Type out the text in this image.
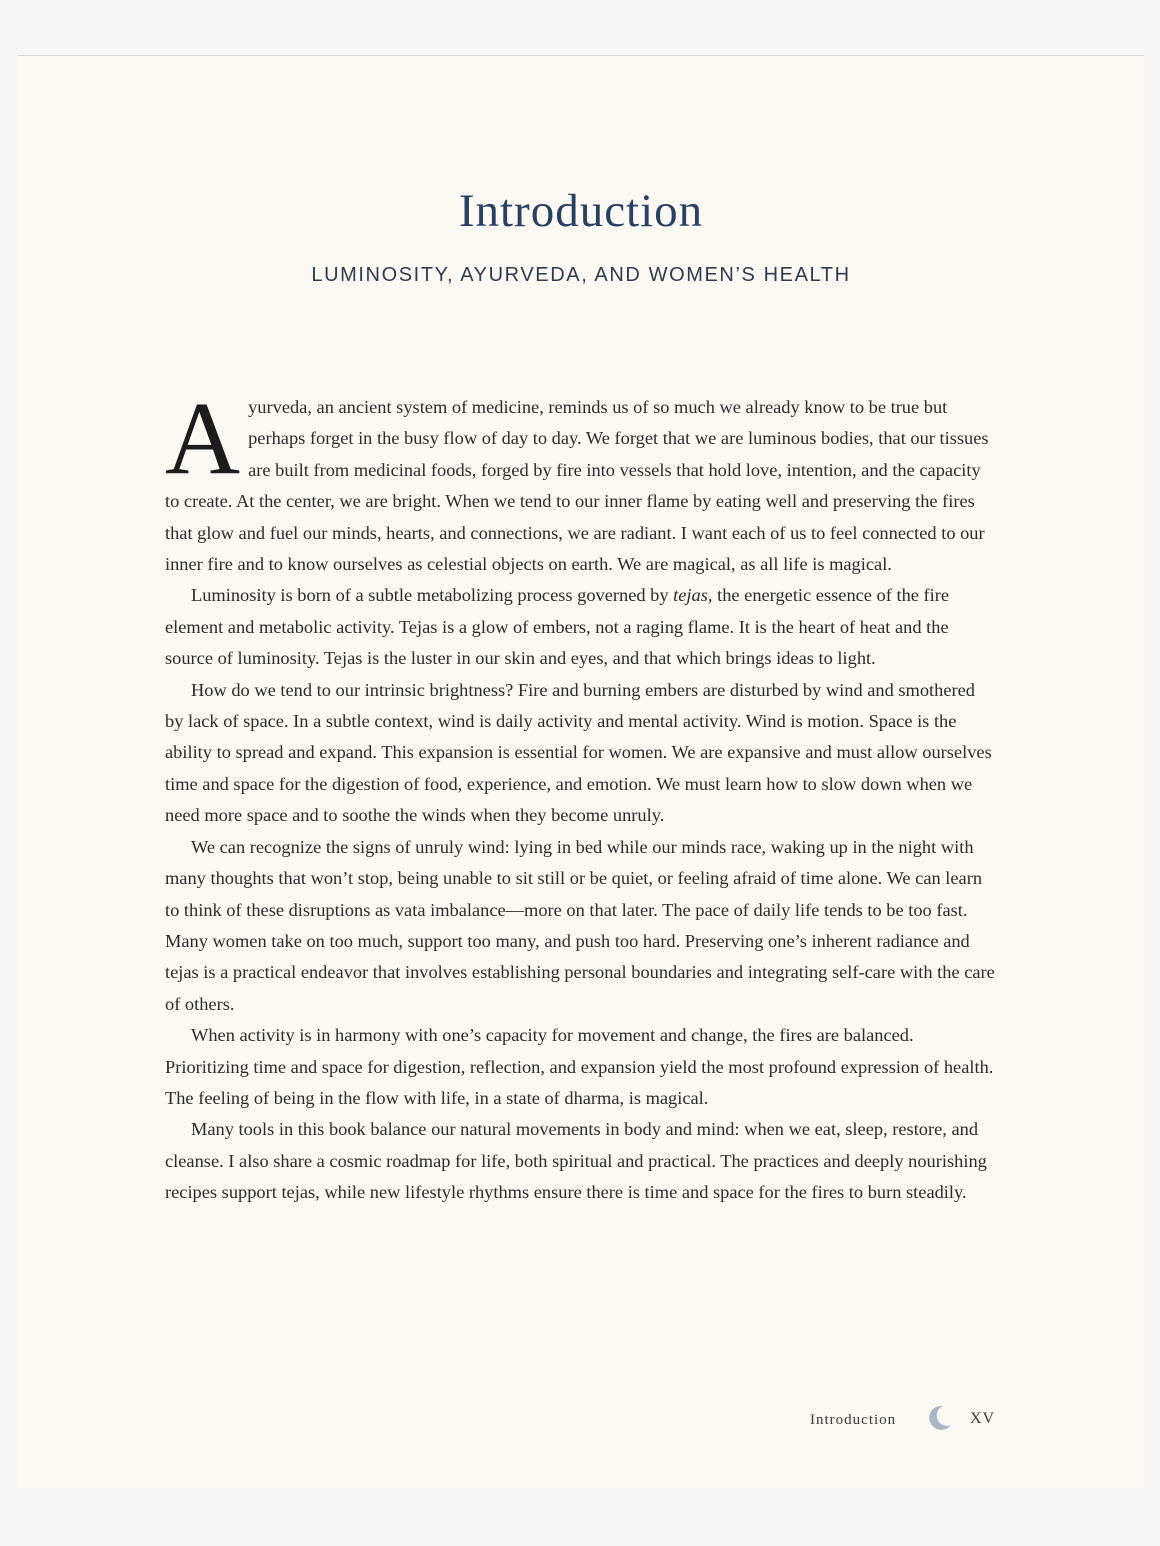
Introduction
LUMINOSITY, AYURVEDA, AND WOMEN’S HEALTH

Ayurveda, an ancient system of medicine, reminds us of so much we already know to be true but perhaps forget in the busy flow of day to day. We forget that we are luminous bodies, that our tissues are built from medicinal foods, forged by fire into vessels that hold love, intention, and the capacity to create. At the center, we are bright. When we tend to our inner flame by eating well and preserving the fires that glow and fuel our minds, hearts, and connections, we are radiant. I want each of us to feel connected to our inner fire and to know ourselves as celestial objects on earth. We are magical, as all life is magical.

Luminosity is born of a subtle metabolizing process governed by tejas, the energetic essence of the fire element and metabolic activity. Tejas is a glow of embers, not a raging flame. It is the heart of heat and the source of luminosity. Tejas is the luster in our skin and eyes, and that which brings ideas to light.

How do we tend to our intrinsic brightness? Fire and burning embers are disturbed by wind and smothered by lack of space. In a subtle context, wind is daily activity and mental activity. Wind is motion. Space is the ability to spread and expand. This expansion is essential for women. We are expansive and must allow ourselves time and space for the digestion of food, experience, and emotion. We must learn how to slow down when we need more space and to soothe the winds when they become unruly.

We can recognize the signs of unruly wind: lying in bed while our minds race, waking up in the night with many thoughts that won’t stop, being unable to sit still or be quiet, or feeling afraid of time alone. We can learn to think of these disruptions as vata imbalance—more on that later. The pace of daily life tends to be too fast. Many women take on too much, support too many, and push too hard. Preserving one’s inherent radiance and tejas is a practical endeavor that involves establishing personal boundaries and integrating self-care with the care of others.

When activity is in harmony with one’s capacity for movement and change, the fires are balanced. Prioritizing time and space for digestion, reflection, and expansion yield the most profound expression of health. The feeling of being in the flow with life, in a state of dharma, is magical.

Many tools in this book balance our natural movements in body and mind: when we eat, sleep, restore, and cleanse. I also share a cosmic roadmap for life, both spiritual and practical. The practices and deeply nourishing recipes support tejas, while new lifestyle rhythms ensure there is time and space for the fires to burn steadily.

Introduction	XV
